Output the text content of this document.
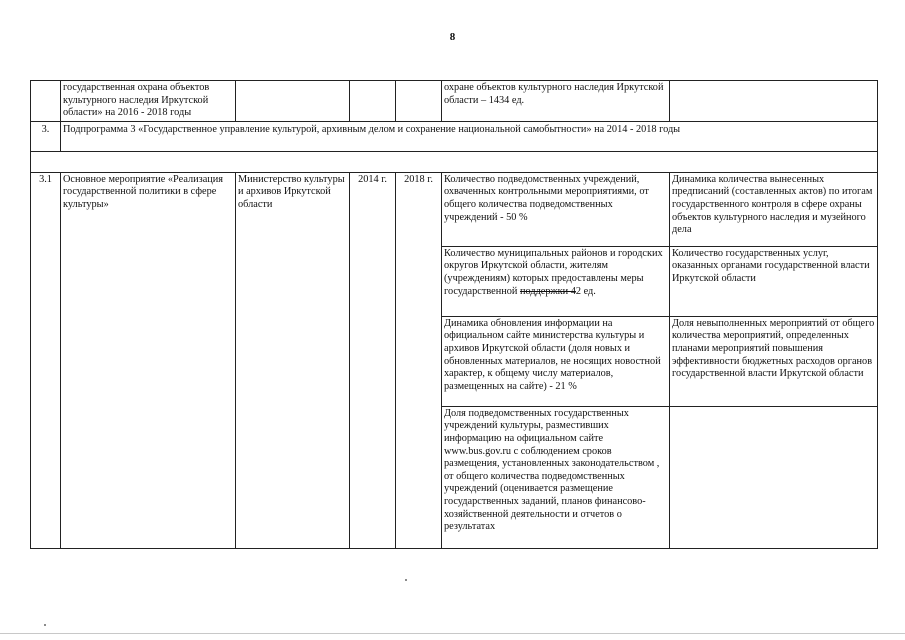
8
	государственная охрана объектов культурного наследия Иркутской области» на 2016 - 2018 годы				охране объектов культурного наследия Иркутской области – 1434 ед.	
3.	Подпрограмма 3 «Государственное управление культурой, архивным делом и сохранение национальной самобытности» на 2014 - 2018 годы					

3.1	Основное мероприятие «Реализация государственной политики в сфере культуры»	Министерство культуры и архивов Иркутской области	2014 г.	2018 г.	Количество подведомственных учреждений, охваченных контрольными мероприятиями, от общего количества подведомственных учреждений - 50 %	Динамика количества вынесенных предписаний (составленных актов) по итогам государственного контроля в сфере охраны объектов культурного наследия и музейного дела
					Количество муниципальных районов и городских округов Иркутской области, жителям (учреждениям) которых предоставлены меры государственной поддержки 42 ед.	Количество государственных услуг, оказанных органами государственной власти Иркутской области
					Динамика обновления информации на официальном сайте министерства культуры и архивов Иркутской области (доля новых и обновленных материалов, не носящих новостной характер, к общему числу материалов, размещенных на сайте) - 21 %	Доля невыполненных мероприятий от общего количества мероприятий, определенных планами мероприятий повышения эффективности бюджетных расходов органов государственной власти Иркутской области
					Доля подведомственных государственных учреждений культуры, разместивших информацию на официальном сайте www.bus.gov.ru с соблюдением сроков размещения, установленных законодательством , от общего количества подведомственных учреждений (оценивается размещение государственных заданий, планов финансово-хозяйственной деятельности и отчетов о результатах	
